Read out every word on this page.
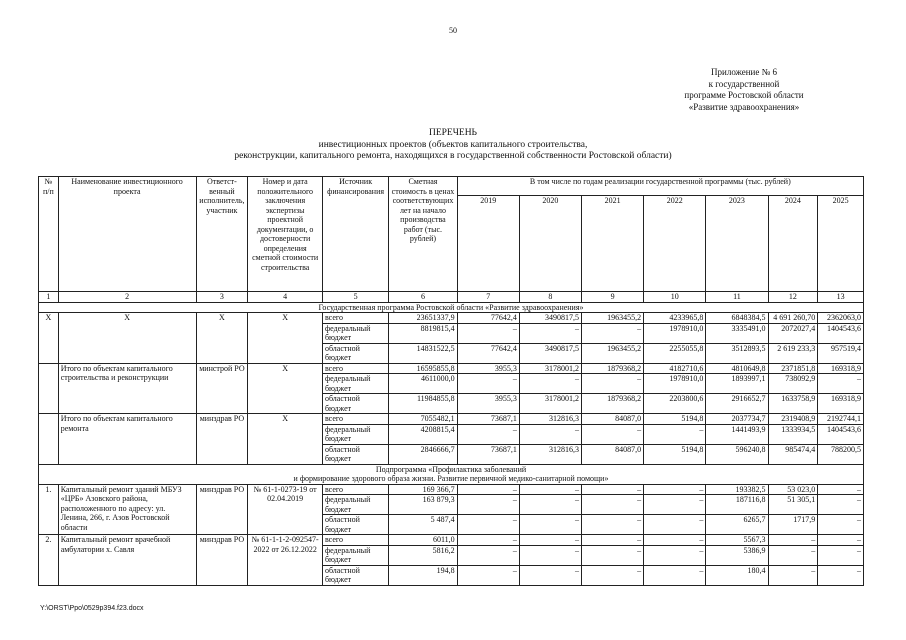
50
Приложение № 6
к государственной
программе Ростовской области
«Развитие здравоохранения»
ПЕРЕЧЕНЬ
инвестиционных проектов (объектов капитального строительства,
реконструкции, капитального ремонта, находящихся в государственной собственности Ростовской области)
№ п/п	Наименование инвестиционного проекта	Ответст-венный исполнитель, участник	Номер и дата положительного заключения экспертизы проектной документации, о достоверности определения сметной стоимости строительства	Источник финансирования	Сметная стоимость в ценах соответствующих лет на начало производства работ (тыс. рублей)	В том числе по годам реализации государственной программы (тыс. рублей)						
						2019	2020	2021	2022	2023	2024	2025
1	2	3	4	5	6	7	8	9	10	11	12	13

Государственная программа Ростовской области «Развитие здравоохранения»												

Х	Х	Х	Х	всего	23651337,9	77642,4	3490817,5	1963455,2	4233965,8	6848384,5	4 691 260,70	2362063,0
				федеральный бюджет	8819815,4	–	–	–	1978910,0	3335491,0	2072027,4	1404543,6
				областной бюджет	14831522,5	77642,4	3490817,5	1963455,2	2255055,8	3512893,5	2 619 233,3	957519,4
	Итого по объектам капитального строительства и реконструкции	минстрой РО	Х	всего	16595855,8	3955,3	3178001,2	1879368,2	4182710,6	4810649,8	2371851,8	169318,9
				федеральный бюджет	4611000,0	–	–	–	1978910,0	1893997,1	738092,9	–
				областной бюджет	11984855,8	3955,3	3178001,2	1879368,2	2203800,6	2916652,7	1633758,9	169318,9
	Итого по объектам капитального ремонта	минздрав РО	Х	всего	7055482,1	73687,1	312816,3	84087,0	5194,8	2037734,7	2319408,9	2192744,1
				федеральный бюджет	4208815,4	–	–	–	–	1441493,9	1333934,5	1404543,6
				областной бюджет	2846666,7	73687,1	312816,3	84087,0	5194,8	596240,8	985474,4	788200,5

Подпрограмма «Профилактика заболеваний
и формирование здорового образа жизни. Развитие первичной медико-санитарной помощи»												

1.	Капитальный ремонт зданий МБУЗ «ЦРБ» Азовского района, расположенного по адресу: ул. Ленина, 266, г. Азов Ростовской области	минздрав РО	№ 61-1-0273-19 от 02.04.2019	всего	169 366,7	–	–	–	–	193382,5	53 023,0	–
				федеральный бюджет	163 879,3	–	–	–	–	187116,8	51 305,1	–
				областной бюджет	5 487,4	–	–	–	–	6265,7	1717,9	–
2.	Капитальный ремонт врачебной амбулатории х. Савля	минздрав РО	№ 61-1-1-2-092547-2022 от 26.12.2022	всего	6011,0	–	–	–	–	5567,3	–	–
				федеральный бюджет	5816,2	–	–	–	–	5386,9	–	–
				областной бюджет	194,8	–	–	–	–	180,4	–	–
Y:\ORST\Ppo\0529p394.f23.docx
